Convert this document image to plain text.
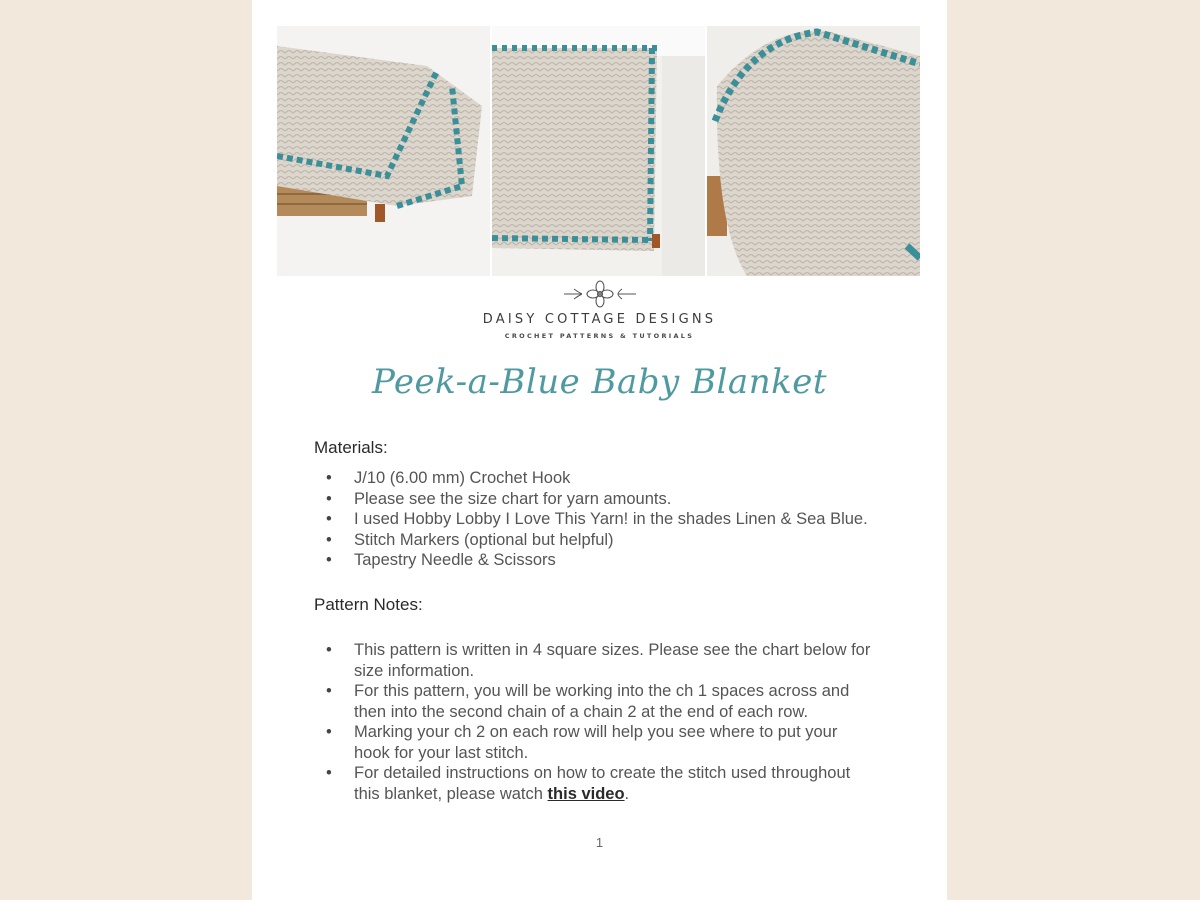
DAISY COTTAGE DESIGNS
CROCHET PATTERNS & TUTORIALS
Peek-a-Blue Baby Blanket
Materials:
• J/10 (6.00 mm) Crochet Hook
• Please see the size chart for yarn amounts.
• I used Hobby Lobby I Love This Yarn! in the shades Linen & Sea Blue.
• Stitch Markers (optional but helpful)
• Tapestry Needle & Scissors
Pattern Notes:
• This pattern is written in 4 square sizes. Please see the chart below for size information.
• For this pattern, you will be working into the ch 1 spaces across and then into the second chain of a chain 2 at the end of each row.
• Marking your ch 2 on each row will help you see where to put your hook for your last stitch.
• For detailed instructions on how to create the stitch used throughout this blanket, please watch this video.
1
